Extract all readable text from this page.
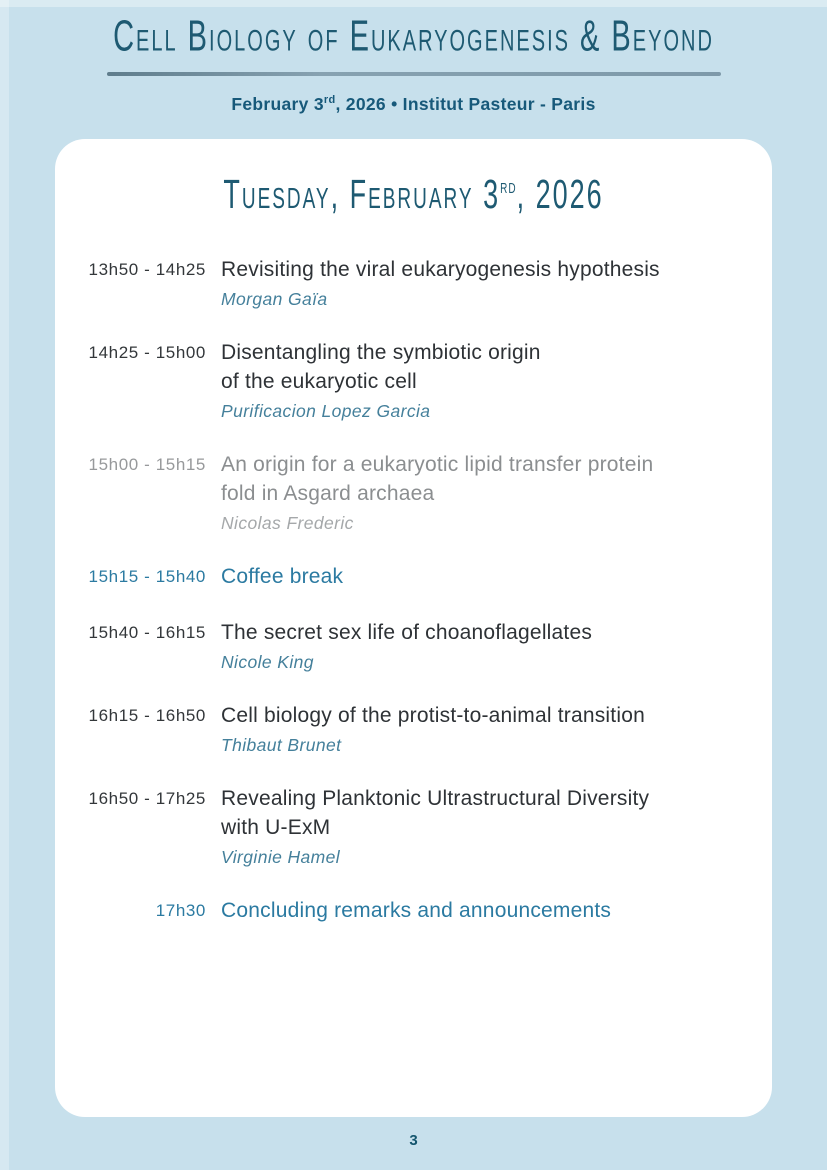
Cell Biology of Eukaryogenesis & Beyond

February 3rd, 2026 • Institut Pasteur - Paris

Tuesday, February 3rd, 2026
13h50 - 14h25 Revisiting the viral eukaryogenesis hypothesis
Morgan Gaïa
14h25 - 15h00 Disentangling the symbiotic origin
of the eukaryotic cell
Purificacion Lopez Garcia
15h00 - 15h15 An origin for a eukaryotic lipid transfer protein
fold in Asgard archaea
Nicolas Frederic
15h15 - 15h40 Coffee break
15h40 - 16h15 The secret sex life of choanoflagellates
Nicole King
16h15 - 16h50 Cell biology of the protist-to-animal transition
Thibaut Brunet
16h50 - 17h25 Revealing Planktonic Ultrastructural Diversity
with U-ExM
Virginie Hamel
17h30 Concluding remarks and announcements
3
